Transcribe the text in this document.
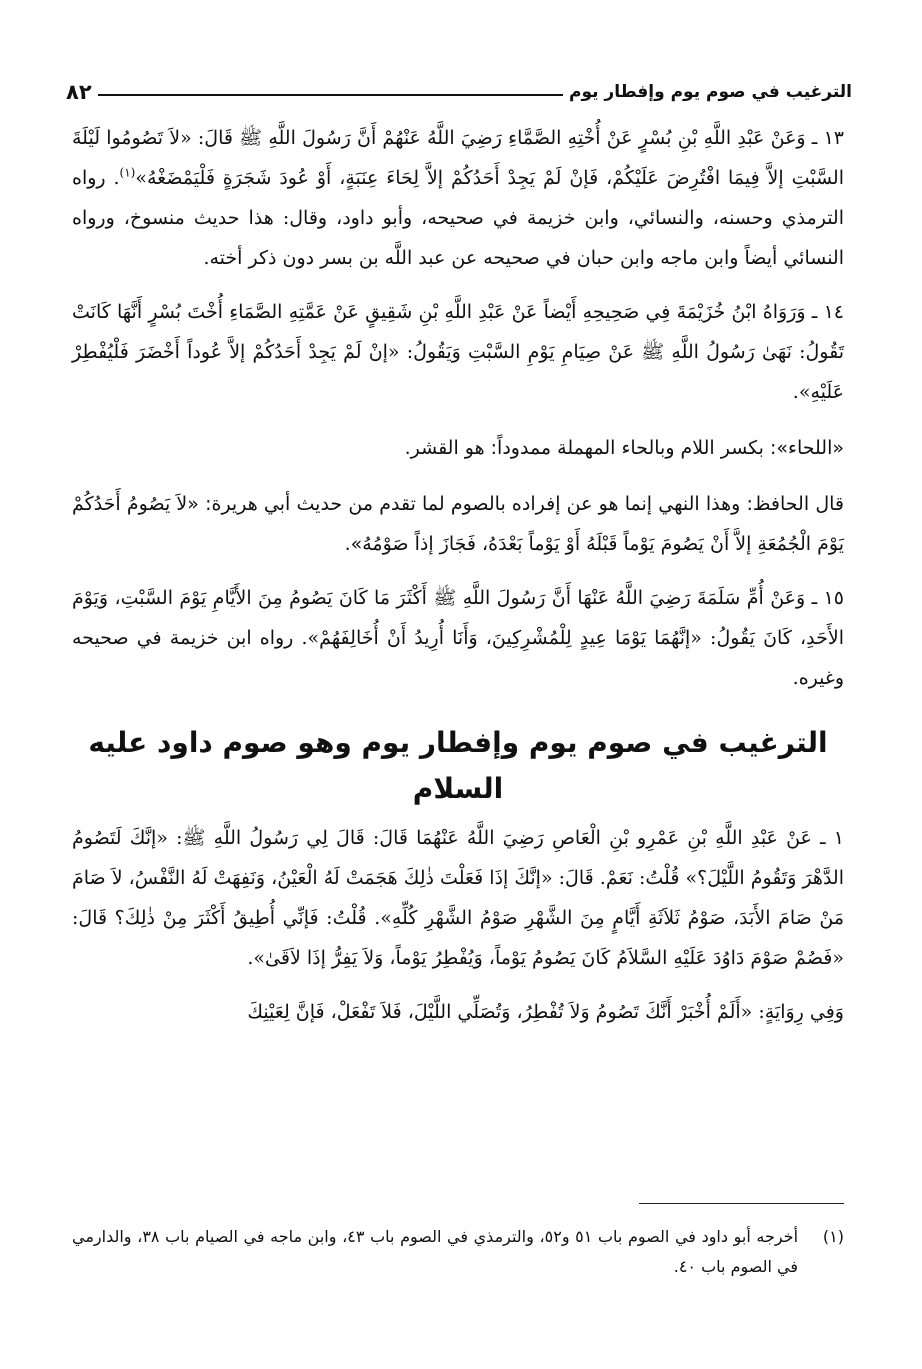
الترغيب في صوم يوم وإفطار يوم
٨٢

١٣ ـ وَعَنْ عَبْدِ اللَّهِ بْنِ بُسْرٍ عَنْ أُخْتِهِ الصَّمَّاءِ رَضِيَ اللَّهُ عَنْهُمْ أَنَّ رَسُولَ اللَّهِ ﷺ قَالَ: «لاَ تَصُومُوا لَيْلَةَ السَّبْتِ إلاَّ فِيمَا افْتُرِضَ عَلَيْكُمْ، فَإنْ لَمْ يَجِدْ أَحَدُكُمْ إلاَّ لِحَاءَ عِنَبَةٍ، أَوْ عُودَ شَجَرَةٍ فَلْيَمْضَغْهُ»$^{(١)}$. رواه الترمذي وحسنه، والنسائي، وابن خزيمة في صحيحه، وأبو داود، وقال: هذا حديث منسوخ، ورواه النسائي أيضاً وابن ماجه وابن حبان في صحيحه عن عبد اللَّه بن بسر دون ذكر أخته.

١٤ ـ وَرَوَاهُ ابْنُ خُزَيْمَةَ فِي صَحِيحِهِ أَيْضاً عَنْ عَبْدِ اللَّهِ بْنِ شَقِيقٍ عَنْ عَمَّتِهِ الصَّمَاءِ أُخْتَ بُسْرٍ أَنَّهَا كَانَتْ تَقُولُ: نَهَىٰ رَسُولُ اللَّهِ ﷺ عَنْ صِيَامِ يَوْمِ السَّبْتِ وَيَقُولُ: «إنْ لَمْ يَجِدْ أَحَدُكُمْ إلاَّ عُوداً أَخْضَرَ فَلْيُفْطِرْ عَلَيْهِ».

«اللحاء»: بكسر اللام وبالحاء المهملة ممدوداً: هو القشر.

قال الحافظ: وهذا النهي إنما هو عن إفراده بالصوم لما تقدم من حديث أبي هريرة: «لاَ يَصُومُ أَحَدُكُمْ يَوْمَ الْجُمُعَةِ إلاَّ أَنْ يَصُومَ يَوْماً قَبْلَهُ أَوْ يَوْماً بَعْدَهُ، فَجَازَ إذاً صَوْمُهُ».

١٥ ـ وَعَنْ أُمِّ سَلَمَةَ رَضِيَ اللَّهُ عَنْهَا أَنَّ رَسُولَ اللَّهِ ﷺ أَكْثَرَ مَا كَانَ يَصُومُ مِنَ الأَيَّامِ يَوْمَ السَّبْتِ، وَيَوْمَ الأَحَدِ، كَانَ يَقُولُ: «إنَّهُمَا يَوْمَا عِيدٍ لِلْمُشْرِكِينَ، وَأَنَا أُرِيدُ أَنْ أُخَالِفَهُمْ». رواه ابن خزيمة في صحيحه وغيره.

الترغيب في صوم يوم وإفطار يوم وهو صوم داود عليه السلام

١ ـ عَنْ عَبْدِ اللَّهِ بْنِ عَمْرِو بْنِ الْعَاصِ رَضِيَ اللَّهُ عَنْهُمَا قَالَ: قَالَ لِي رَسُولُ اللَّهِ ﷺ: «إنَّكَ لَتَصُومُ الدَّهْرَ وَتَقُومُ اللَّيْلَ؟» قُلْتُ: نَعَمْ. قَالَ: «إنَّكَ إذَا فَعَلْتَ ذٰلِكَ هَجَمَتْ لَهُ الْعَيْنُ، وَنَفِهَتْ لَهُ النَّفْسُ، لاَ صَامَ مَنْ صَامَ الأَبَدَ، صَوْمُ ثَلاَثَةِ أَيَّامٍ مِنَ الشَّهْرِ صَوْمُ الشَّهْرِ كُلِّهِ». قُلْتُ: فَإنِّي أُطِيقُ أَكْثَرَ مِنْ ذٰلِكَ؟ قَالَ: «فَصُمْ صَوْمَ دَاوُدَ عَلَيْهِ السَّلاَمُ كَانَ يَصُومُ يَوْماً، وَيُفْطِرُ يَوْماً، وَلاَ يَفِرُّ إذَا لاَقَىٰ».

وَفِي رِوَايَةٍ: «أَلَمْ أُخْبَرْ أَنَّكَ تَصُومُ وَلاَ تُفْطِرُ، وَتُصَلِّي اللَّيْلَ، فَلاَ تَفْعَلْ، فَإنَّ لِعَيْنِكَ

(١)
أخرجه أبو داود في الصوم باب ٥١ و٥٢، والترمذي في الصوم باب ٤٣، وابن ماجه في الصيام باب ٣٨، والدارمي في الصوم باب ٤٠.
